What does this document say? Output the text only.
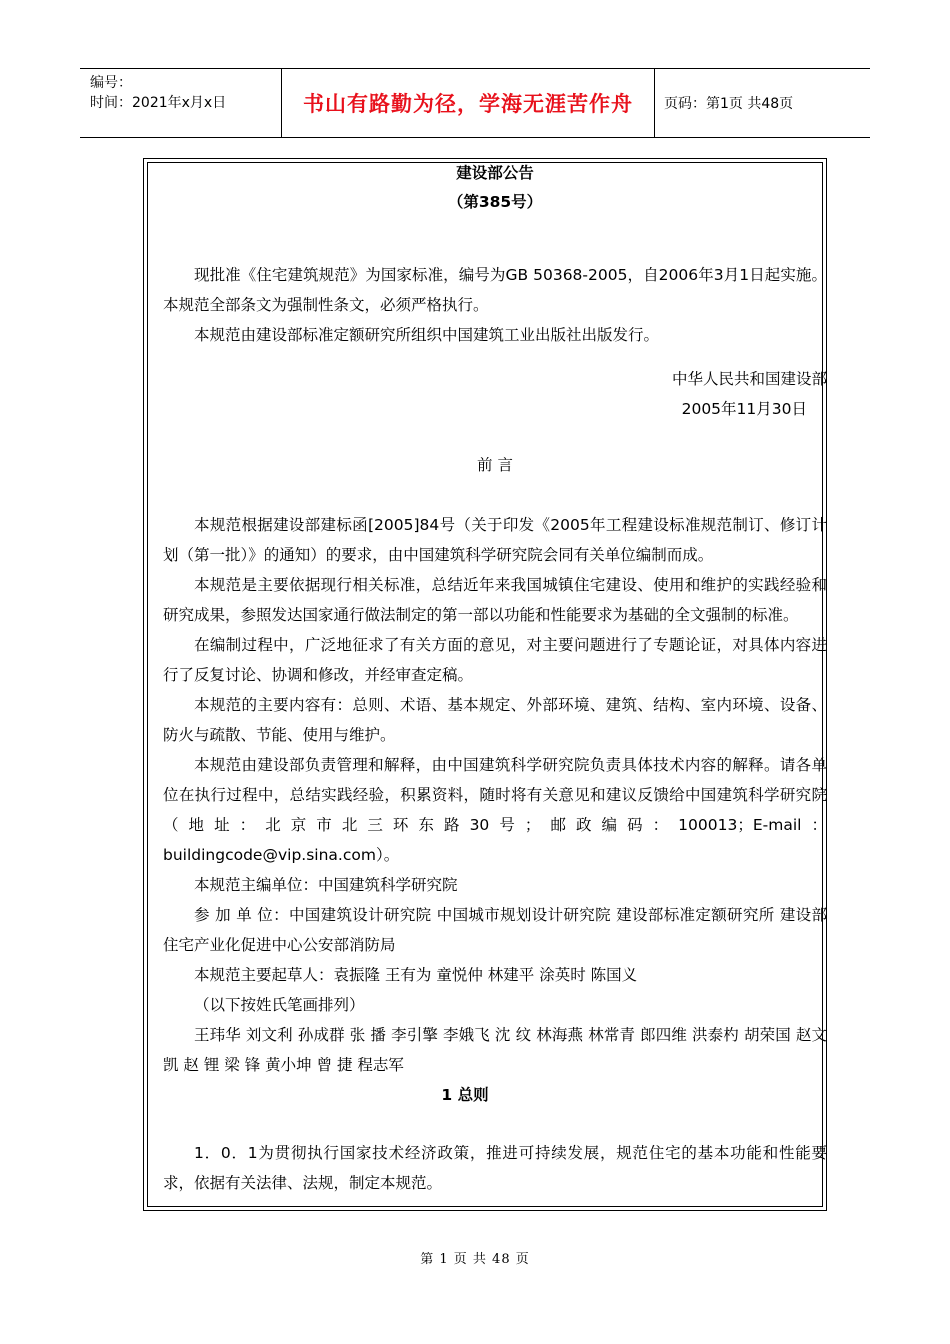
编号：
时间：2021年x月x日	书山有路勤为径，学海无涯苦作舟	页码：第1页 共48页

建设部公告

（第385号）

现批准《住宅建筑规范》为国家标准，编号为GB 50368-2005，自2006年3月1日起实施。本规范全部条文为强制性条文，必须严格执行。

本规范由建设部标准定额研究所组织中国建筑工业出版社出版发行。

中华人民共和国建设部

2005年11月30日

前 言

本规范根据建设部建标函[2005]84号（关于印发《2005年工程建设标准规范制订、修订计划（第一批）》的通知）的要求，由中国建筑科学研究院会同有关单位编制而成。

本规范是主要依据现行相关标准，总结近年来我国城镇住宅建设、使用和维护的实践经验和研究成果，参照发达国家通行做法制定的第一部以功能和性能要求为基础的全文强制的标准。

在编制过程中，广泛地征求了有关方面的意见，对主要问题进行了专题论证，对具体内容进行了反复讨论、协调和修改，并经审查定稿。

本规范的主要内容有：总则、术语、基本规定、外部环境、建筑、结构、室内环境、设备、防火与疏散、节能、使用与维护。

本规范由建设部负责管理和解释，由中国建筑科学研究院负责具体技术内容的解释。请各单位在执行过程中，总结实践经验，积累资料，随时将有关意见和建议反馈给中国建筑科学研究院（地址：北京市北三环东路30号；邮政编码：100013；E-mail：buildingcode@vip.sina.com）。

本规范主编单位：中国建筑科学研究院

参 加 单 位：中国建筑设计研究院 中国城市规划设计研究院 建设部标准定额研究所 建设部住宅产业化促进中心公安部消防局

本规范主要起草人：袁振隆 王有为 童悦仲 林建平 涂英时 陈国义

（以下按姓氏笔画排列）

王玮华 刘文利 孙成群 张 播 李引擎 李娥飞 沈 纹 林海燕 林常青 郎四维 洪泰杓 胡荣国 赵文凯 赵 锂 梁 锋 黄小坤 曾 捷 程志军

1 总则

1．0．1为贯彻执行国家技术经济政策，推进可持续发展，规范住宅的基本功能和性能要求，依据有关法律、法规，制定本规范。

第 1 页 共 48 页
